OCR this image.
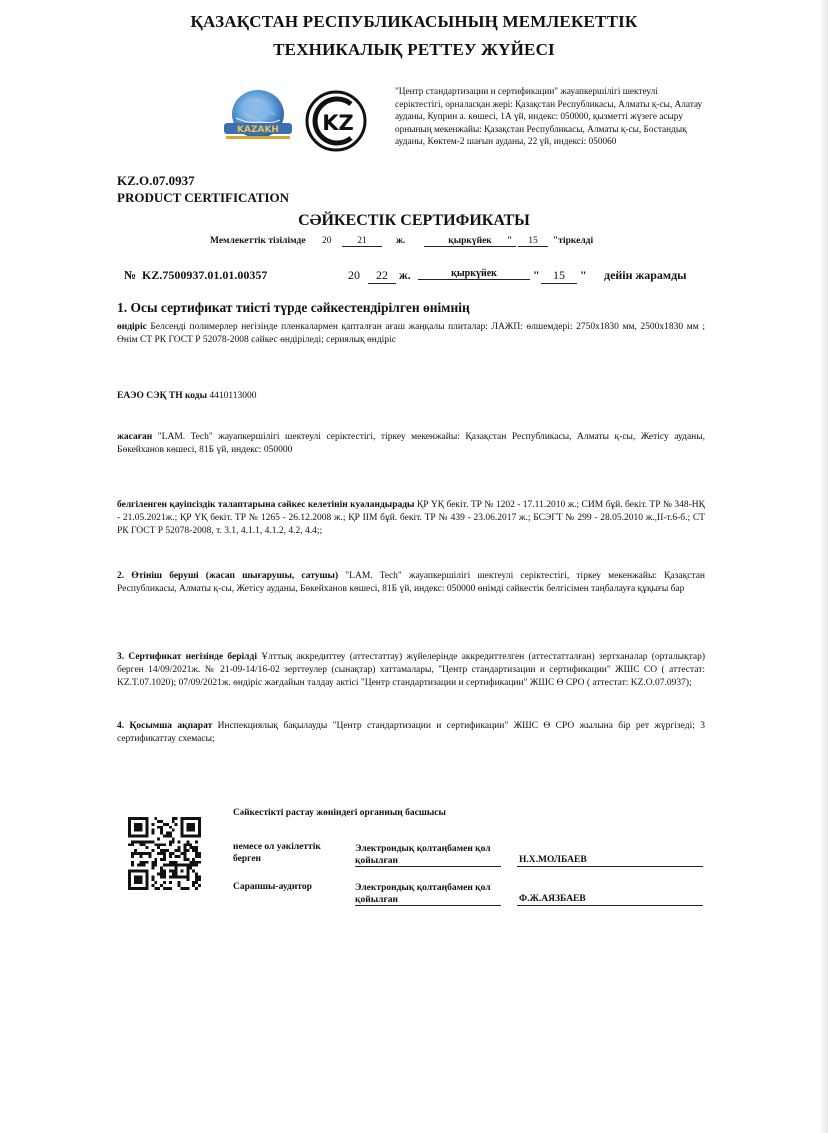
ҚАЗАҚСТАН РЕСПУБЛИКАСЫНЫҢ МЕМЛЕКЕТТІК
ТЕХНИКАЛЫҚ РЕТТЕУ ЖҮЙЕСІ
KAZAKH KZ
"Центр стандартизации и сертификации" жауапкершілігі шектеулі серіктестігі, орналасқан жері: Қазақстан Республикасы, Алматы қ-сы, Алатау ауданы, Куприн а. көшесі, 1А үй, индекс: 050000, қызметті жүзеге асыру орнының мекенжайы: Қазақстан Республикасы, Алматы қ-сы, Бостандық ауданы, Көктем-2 шағын ауданы, 22 үй, индексі: 050060
KZ.O.07.0937
PRODUCT CERTIFICATION
СӘЙКЕСТІК СЕРТИФИКАТЫ
Мемлекеттік тізілімде 20	21	ж.	қыркүйек	"	15	"тіркелді
№ KZ.7500937.01.01.00357	20	22 ж.	қыркүйек	"	15	" дейін жарамды
1. Осы сертификат тиісті түрде сәйкестендірілген өнімнің
өндіріс Белсенді полимерлер негізінде пленкалармен қапталған ағаш жаңқалы плиталар: ЛАЖП: өлшемдері: 2750х1830 мм, 2500х1830 мм ; Өнім СТ РК ГОСТ Р 52078-2008 сәйкес өндіріледі; сериялық өндіріс
ЕАЭО СЭҚ ТН коды 4410113000
жасаған "LAM. Tech" жауапкершілігі шектеулі серіктестігі, тіркеу мекенжайы: Қазақстан Республикасы, Алматы қ-сы, Жетісу ауданы, Бөкейханов көшесі, 81Б үй, индекс: 050000
белгіленген қауіпсіздік талаптарына сәйкес келетінін куәландырады ҚР ҮҚ бекіт. ТР № 1202 - 17.11.2010 ж.; СИМ бұй. бекіт. ТР № 348-НҚ - 21.05.2021ж.; ҚР ҮҚ бекіт. ТР № 1265 - 26.12.2008 ж.; ҚР ІІМ бұй. бекіт. ТР № 439 - 23.06.2017 ж.; БСЭГТ № 299 - 28.05.2010 ж.,II-т.6-б.; СТ РК ГОСТ Р 52078-2008, т. 3.1, 4.1.1, 4.1.2, 4.2, 4.4;;
2. Өтініш беруші (жасап шығарушы, сатушы) "LAM. Tech" жауапкершілігі шектеулі серіктестігі, тіркеу мекенжайы: Қазақстан Республикасы, Алматы қ-сы, Жетісу ауданы, Бөкейханов көшесі, 81Б үй, индекс: 050000 өнімді сәйкестік белгісімен таңбалауға құқығы бар
3. Сертификат негізінде берілді Ұлттық аккредиттеу (аттестаттау) жүйелерінде аккредиттелген (аттестатталған) зертханалар (орталықтар) берген 14/09/2021ж. № 21-09-14/16-02 зерттеулер (сынақтар) хаттамалары, "Центр стандартизации и сертификации" ЖШС СО ( аттестат: KZ.T.07.1020); 07/09/2021ж. өндіріс жағдайын талдау актісі "Центр стандартизации и сертификации" ЖШС Ө СРО ( аттестат: KZ.O.07.0937);
4. Қосымша ақпарат Инспекциялық бақылауды "Центр стандартизации и сертификации" ЖШС Ө СРО жылына бір рет жүргізеді; 3 сертификаттау схемасы;
Сәйкестікті растау жөніндегі органның басшысы
немесе ол уәкілеттік берген
Электрондық қолтаңбамен қол қойылған	Н.Х.МОЛБАЕВ
Сарапшы-аудитор	Электрондық қолтаңбамен қол қойылған	Ф.Ж.АЯЗБАЕВ
